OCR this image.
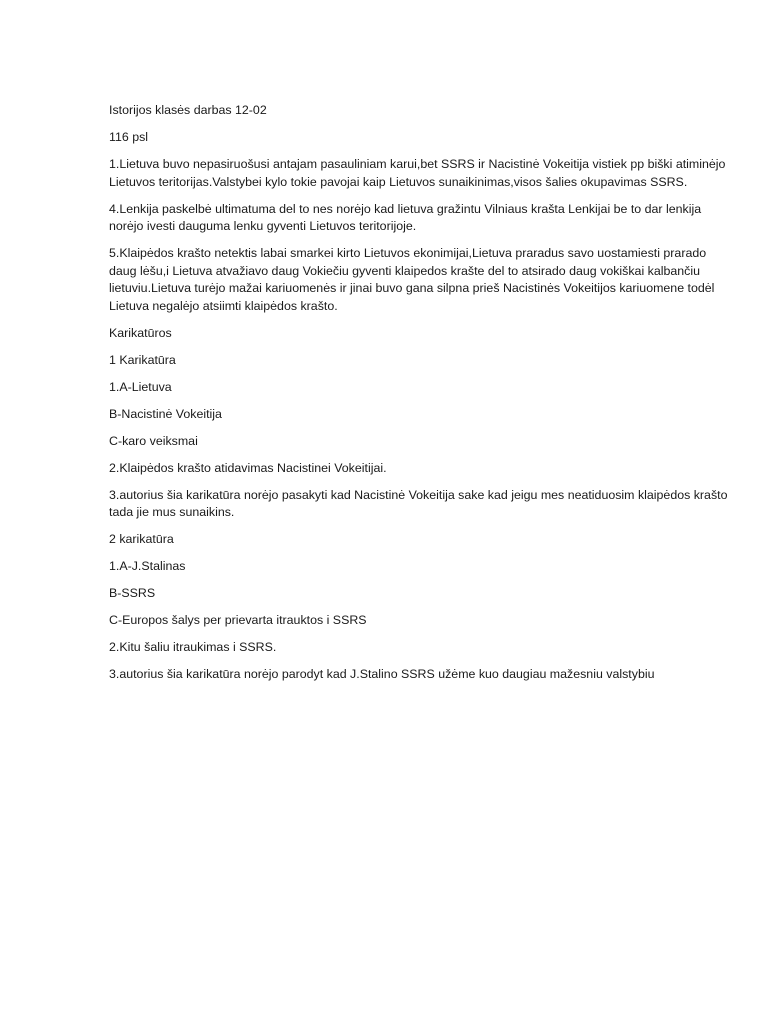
Istorijos klasės darbas 12-02

116 psl

1.Lietuva buvo nepasiruošusi antajam pasauliniam karui,bet SSRS ir Nacistinė Vokeitija vistiek pp biški atiminėjo Lietuvos teritorijas.Valstybei kylo tokie pavojai kaip Lietuvos sunaikinimas,visos šalies okupavimas SSRS.

4.Lenkija paskelbė ultimatuma del to nes norėjo kad lietuva gražintu Vilniaus krašta Lenkijai be to dar lenkija norėjo ivesti dauguma lenku gyventi Lietuvos teritorijoje.

5.Klaipėdos krašto netektis labai smarkei kirto Lietuvos ekonimijai,Lietuva praradus savo uostamiesti prarado daug lėšu,i Lietuva atvažiavo daug Vokiečiu gyventi klaipedos krašte del to atsirado daug vokiškai kalbančiu lietuviu.Lietuva turėjo mažai kariuomenės ir jinai buvo gana silpna prieš Nacistinės Vokeitijos kariuomene todėl Lietuva negalėjo atsiimti klaipėdos krašto.

Karikatūros

1 Karikatūra

1.A-Lietuva

B-Nacistinė Vokeitija

C-karo veiksmai

2.Klaipėdos krašto atidavimas Nacistinei Vokeitijai.

3.autorius šia karikatūra norėjo pasakyti kad Nacistinė Vokeitija sake kad jeigu mes neatiduosim klaipėdos krašto tada jie mus sunaikins.

2 karikatūra

1.A-J.Stalinas

B-SSRS

C-Europos šalys per prievarta itrauktos i SSRS

2.Kitu šaliu itraukimas i SSRS.

3.autorius šia karikatūra norėjo parodyt kad J.Stalino SSRS užėme kuo daugiau mažesniu valstybiu
